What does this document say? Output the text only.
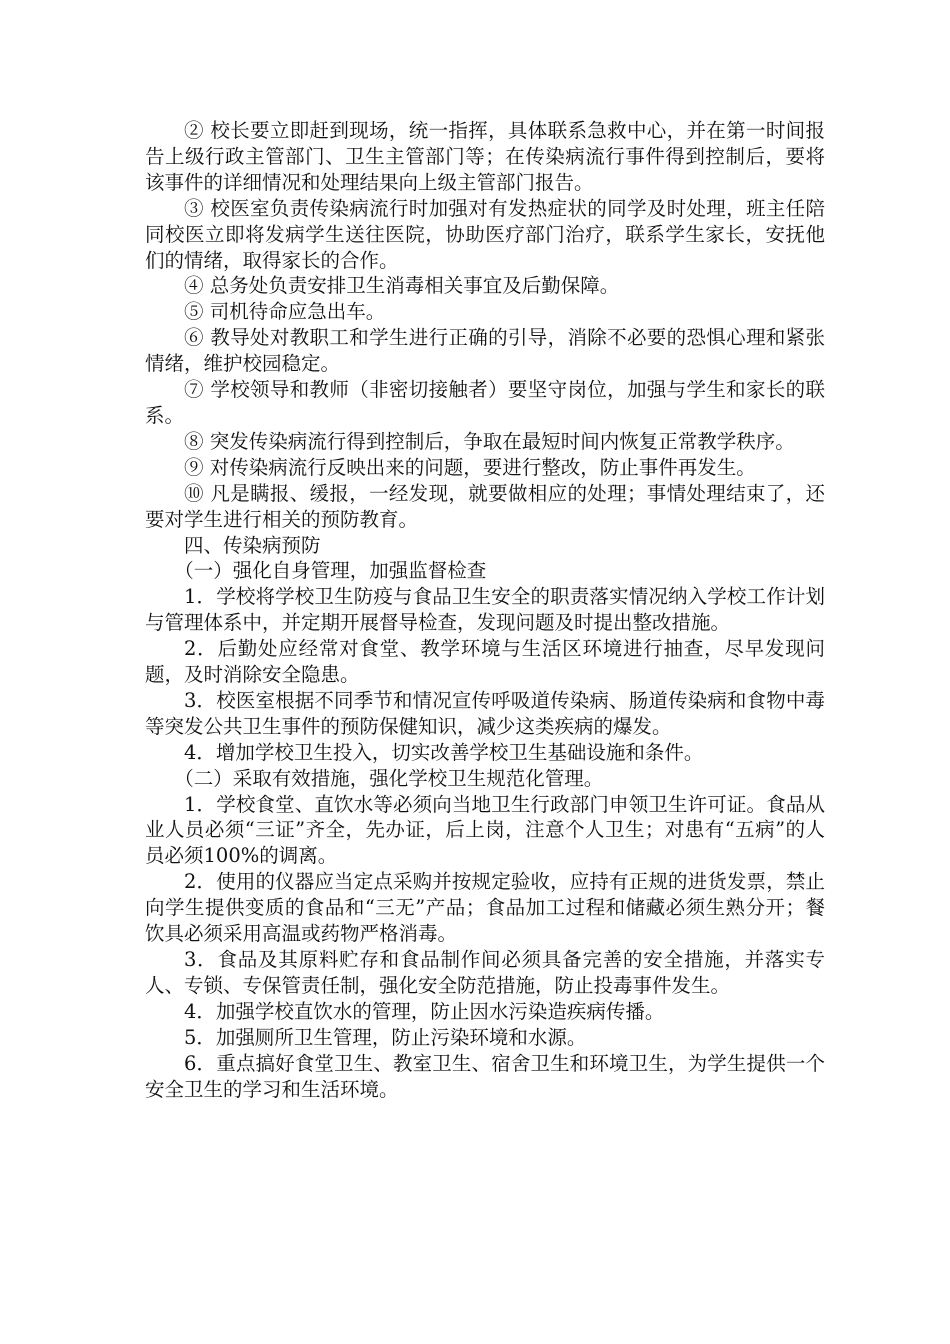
② 校长要立即赶到现场，统一指挥，具体联系急救中心，并在第一时间报告上级行政主管部门、卫生主管部门等；在传染病流行事件得到控制后，要将该事件的详细情况和处理结果向上级主管部门报告。

③ 校医室负责传染病流行时加强对有发热症状的同学及时处理，班主任陪同校医立即将发病学生送往医院，协助医疗部门治疗，联系学生家长，安抚他们的情绪，取得家长的合作。

④ 总务处负责安排卫生消毒相关事宜及后勤保障。

⑤ 司机待命应急出车。

⑥ 教导处对教职工和学生进行正确的引导，消除不必要的恐惧心理和紧张情绪，维护校园稳定。

⑦ 学校领导和教师（非密切接触者）要坚守岗位，加强与学生和家长的联系。

⑧ 突发传染病流行得到控制后，争取在最短时间内恢复正常教学秩序。

⑨ 对传染病流行反映出来的问题，要进行整改，防止事件再发生。

⑩ 凡是瞒报、缓报，一经发现，就要做相应的处理；事情处理结束了，还要对学生进行相关的预防教育。

四、传染病预防

（一）强化自身管理，加强监督检查

1．学校将学校卫生防疫与食品卫生安全的职责落实情况纳入学校工作计划与管理体系中，并定期开展督导检查，发现问题及时提出整改措施。

2．后勤处应经常对食堂、教学环境与生活区环境进行抽查，尽早发现问题，及时消除安全隐患。

3．校医室根据不同季节和情况宣传呼吸道传染病、肠道传染病和食物中毒等突发公共卫生事件的预防保健知识，减少这类疾病的爆发。

4．增加学校卫生投入，切实改善学校卫生基础设施和条件。

（二）采取有效措施，强化学校卫生规范化管理。

1．学校食堂、直饮水等必须向当地卫生行政部门申领卫生许可证。食品从业人员必须“三证”齐全，先办证，后上岗，注意个人卫生；对患有“五病”的人员必须100%的调离。

2．使用的仪器应当定点采购并按规定验收，应持有正规的进货发票，禁止向学生提供变质的食品和“三无”产品；食品加工过程和储藏必须生熟分开；餐饮具必须采用高温或药物严格消毒。

3．食品及其原料贮存和食品制作间必须具备完善的安全措施，并落实专人、专锁、专保管责任制，强化安全防范措施，防止投毒事件发生。

4．加强学校直饮水的管理，防止因水污染造疾病传播。

5．加强厕所卫生管理，防止污染环境和水源。

6．重点搞好食堂卫生、教室卫生、宿舍卫生和环境卫生，为学生提供一个安全卫生的学习和生活环境。
